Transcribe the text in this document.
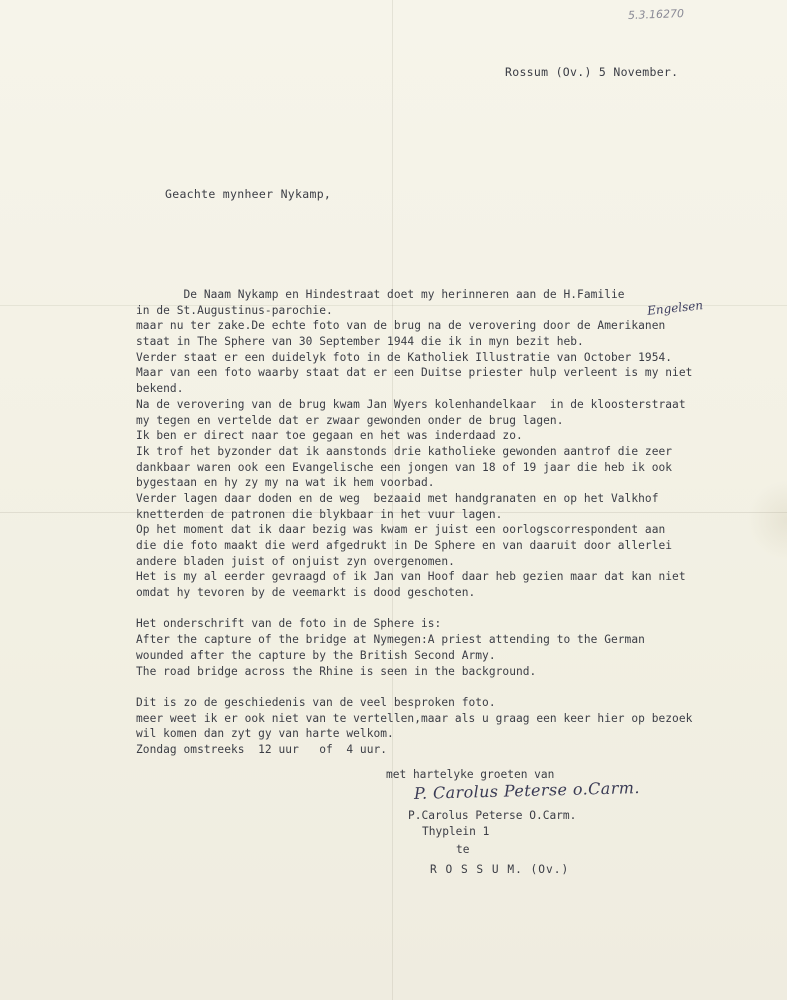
5.3.16270
Rossum (Ov.) 5 November.
Geachte mynheer Nykamp,
Engelsen
De Naam Nykamp en Hindestraat doet my herinneren aan de H.Familie
in de St.Augustinus-parochie.
maar nu ter zake.De echte foto van de brug na de verovering door de Amerikanen
staat in The Sphere van 30 September 1944 die ik in myn bezit heb.
Verder staat er een duidelyk foto in de Katholiek Illustratie van October 1954.
Maar van een foto waarby staat dat er een Duitse priester hulp verleent is my niet
bekend.
Na de verovering van de brug kwam Jan Wyers kolenhandelkaar  in de kloosterstraat
my tegen en vertelde dat er zwaar gewonden onder de brug lagen.
Ik ben er direct naar toe gegaan en het was inderdaad zo.
Ik trof het byzonder dat ik aanstonds drie katholieke gewonden aantrof die zeer
dankbaar waren ook een Evangelische een jongen van 18 of 19 jaar die heb ik ook
bygestaan en hy zy my na wat ik hem voorbad.
Verder lagen daar doden en de weg  bezaaid met handgranaten en op het Valkhof
knetterden de patronen die blykbaar in het vuur lagen.
Op het moment dat ik daar bezig was kwam er juist een oorlogscorrespondent aan
die die foto maakt die werd afgedrukt in De Sphere en van daaruit door allerlei
andere bladen juist of onjuist zyn overgenomen.
Het is my al eerder gevraagd of ik Jan van Hoof daar heb gezien maar dat kan niet
omdat hy tevoren by de veemarkt is dood geschoten.
Het onderschrift van de foto in de Sphere is:
After the capture of the bridge at Nymegen:A priest attending to the German
wounded after the capture by the British Second Army.
The road bridge across the Rhine is seen in the background.
Dit is zo de geschiedenis van de veel besproken foto.
meer weet ik er ook niet van te vertellen,maar als u graag een keer hier op bezoek
wil komen dan zyt gy van harte welkom.
Zondag omstreeks  12 uur   of  4 uur.
met hartelyke groeten van
P. Carolus Peterse o.Carm.
P.Carolus Peterse O.Carm.
Thyplein 1
te
R O S S U M. (Ov.)
